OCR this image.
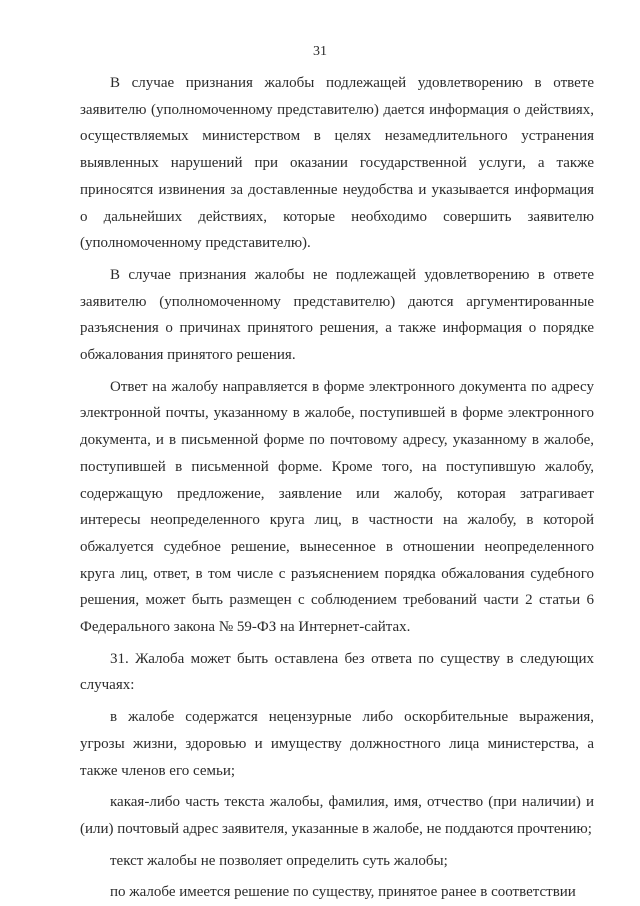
31

В случае признания жалобы подлежащей удовлетворению в ответе заявителю (уполномоченному представителю) дается информация о действиях, осуществляемых министерством в целях незамедлительного устранения выявленных нарушений при оказании государственной услуги, а также приносятся извинения за доставленные неудобства и указывается информация о дальнейших действиях, которые необходимо совершить заявителю (уполномоченному представителю).

В случае признания жалобы не подлежащей удовлетворению в ответе заявителю (уполномоченному представителю) даются аргументированные разъяснения о причинах принятого решения, а также информация о порядке обжалования принятого решения.

Ответ на жалобу направляется в форме электронного документа по адресу электронной почты, указанному в жалобе, поступившей в форме электронного документа, и в письменной форме по почтовому адресу, указанному в жалобе, поступившей в письменной форме. Кроме того, на поступившую жалобу, содержащую предложение, заявление или жалобу, которая затрагивает интересы неопределенного круга лиц, в частности на жалобу, в которой обжалуется судебное решение, вынесенное в отношении неопределенного круга лиц, ответ, в том числе с разъяснением порядка обжалования судебного решения, может быть размещен с соблюдением требований части 2 статьи 6 Федерального закона № 59-ФЗ на Интернет-сайтах.

31. Жалоба может быть оставлена без ответа по существу в следующих случаях:

в жалобе содержатся нецензурные либо оскорбительные выражения, угрозы жизни, здоровью и имуществу должностного лица министерства, а также членов его семьи;

какая-либо часть текста жалобы, фамилия, имя, отчество (при наличии) и (или) почтовый адрес заявителя, указанные в жалобе, не поддаются прочтению;

текст жалобы не позволяет определить суть жалобы;

по жалобе имеется решение по существу, принятое ранее в соответствии
